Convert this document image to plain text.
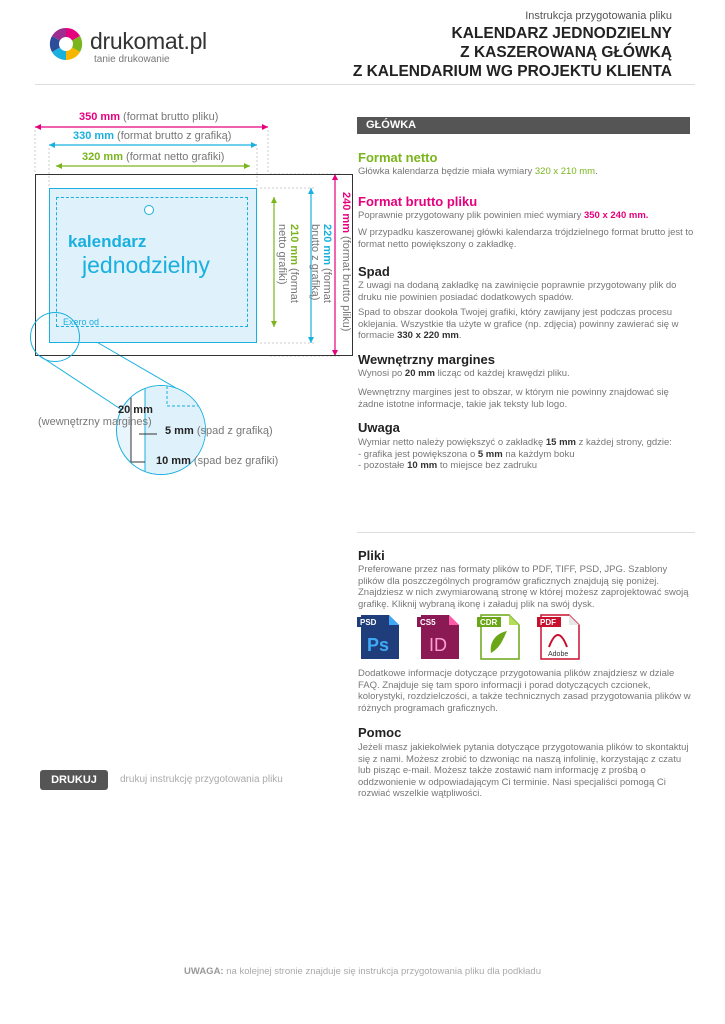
drukomat.pl
tanie drukowanie
Instrukcja przygotowania pliku
KALENDARZ JEDNODZIELNY
Z KASZEROWANĄ GŁÓWKĄ
Z KALENDARIUM WG PROJEKTU KLIENTA
350 mm (format brutto pliku)
330 mm (format brutto z grafiką)
320 mm (format netto grafiki)
kalendarz
jednodzielny
Exero od
240 mm (format brutto pliku)
220 mm (format brutto z grafiką)
210 mm (format netto grafiki)
20 mm
(wewnętrzny margines)
5 mm (spad z grafiką)
10 mm (spad bez grafiki)
GŁÓWKA
Format netto
Główka kalendarza będzie miała wymiary 320 x 210 mm.
Format brutto pliku
Poprawnie przygotowany plik powinien mieć wymiary 350 x 240 mm.
W przypadku kaszerowanej główki kalendarza trójdzielnego format brutto jest to format netto powiększony o zakładkę.
Spad
Z uwagi na dodaną zakładkę na zawinięcie poprawnie przygotowany plik do druku nie powinien posiadać dodatkowych spadów.
Spad to obszar dookoła Twojej grafiki, który zawijany jest podczas procesu oklejania. Wszystkie tła użyte w grafice (np. zdjęcia) powinny zawierać się w formacie 330 x 220 mm.
Wewnętrzny margines
Wynosi po 20 mm licząc od każdej krawędzi pliku.
Wewnętrzny margines jest to obszar, w którym nie powinny znajdować się żadne istotne informacje, takie jak teksty lub logo.
Uwaga
Wymiar netto należy powiększyć o zakładkę 15 mm z każdej strony, gdzie:
- grafika jest powiększona o 5 mm na każdym boku
- pozostałe 10 mm to miejsce bez zadruku
Pliki
Preferowane przez nas formaty plików to PDF, TIFF, PSD, JPG. Szablony plików dla poszczególnych programów graficznych znajdują się poniżej. Znajdziesz w nich zwymiarowaną stronę w której możesz zaprojektować swoją grafikę. Kliknij wybraną ikonę i załaduj plik na swój dysk.
PSD
Ps
CS5
ID
CDR	PDF
Adobe
Dodatkowe informacje dotyczące przygotowania plików znajdziesz w dziale FAQ. Znajduje się tam sporo informacji i porad dotyczących czcionek, kolorystyki, rozdzielczości, a także technicznych zasad przygotowania plików w różnych programach graficznych.
Pomoc
Jeżeli masz jakiekolwiek pytania dotyczące przygotowania plików to skontaktuj się z nami. Możesz zrobić to dzwoniąc na naszą infolinię, korzystając z czatu lub pisząc e-mail. Możesz także zostawić nam informację z prośbą o oddzwonienie w odpowiadającym Ci terminie. Nasi specjaliści pomogą Ci rozwiać wszelkie wątpliwości.
DRUKUJ	drukuj instrukcję przygotowania pliku
UWAGA: na kolejnej stronie znajduje się instrukcja przygotowania pliku dla podkładu
